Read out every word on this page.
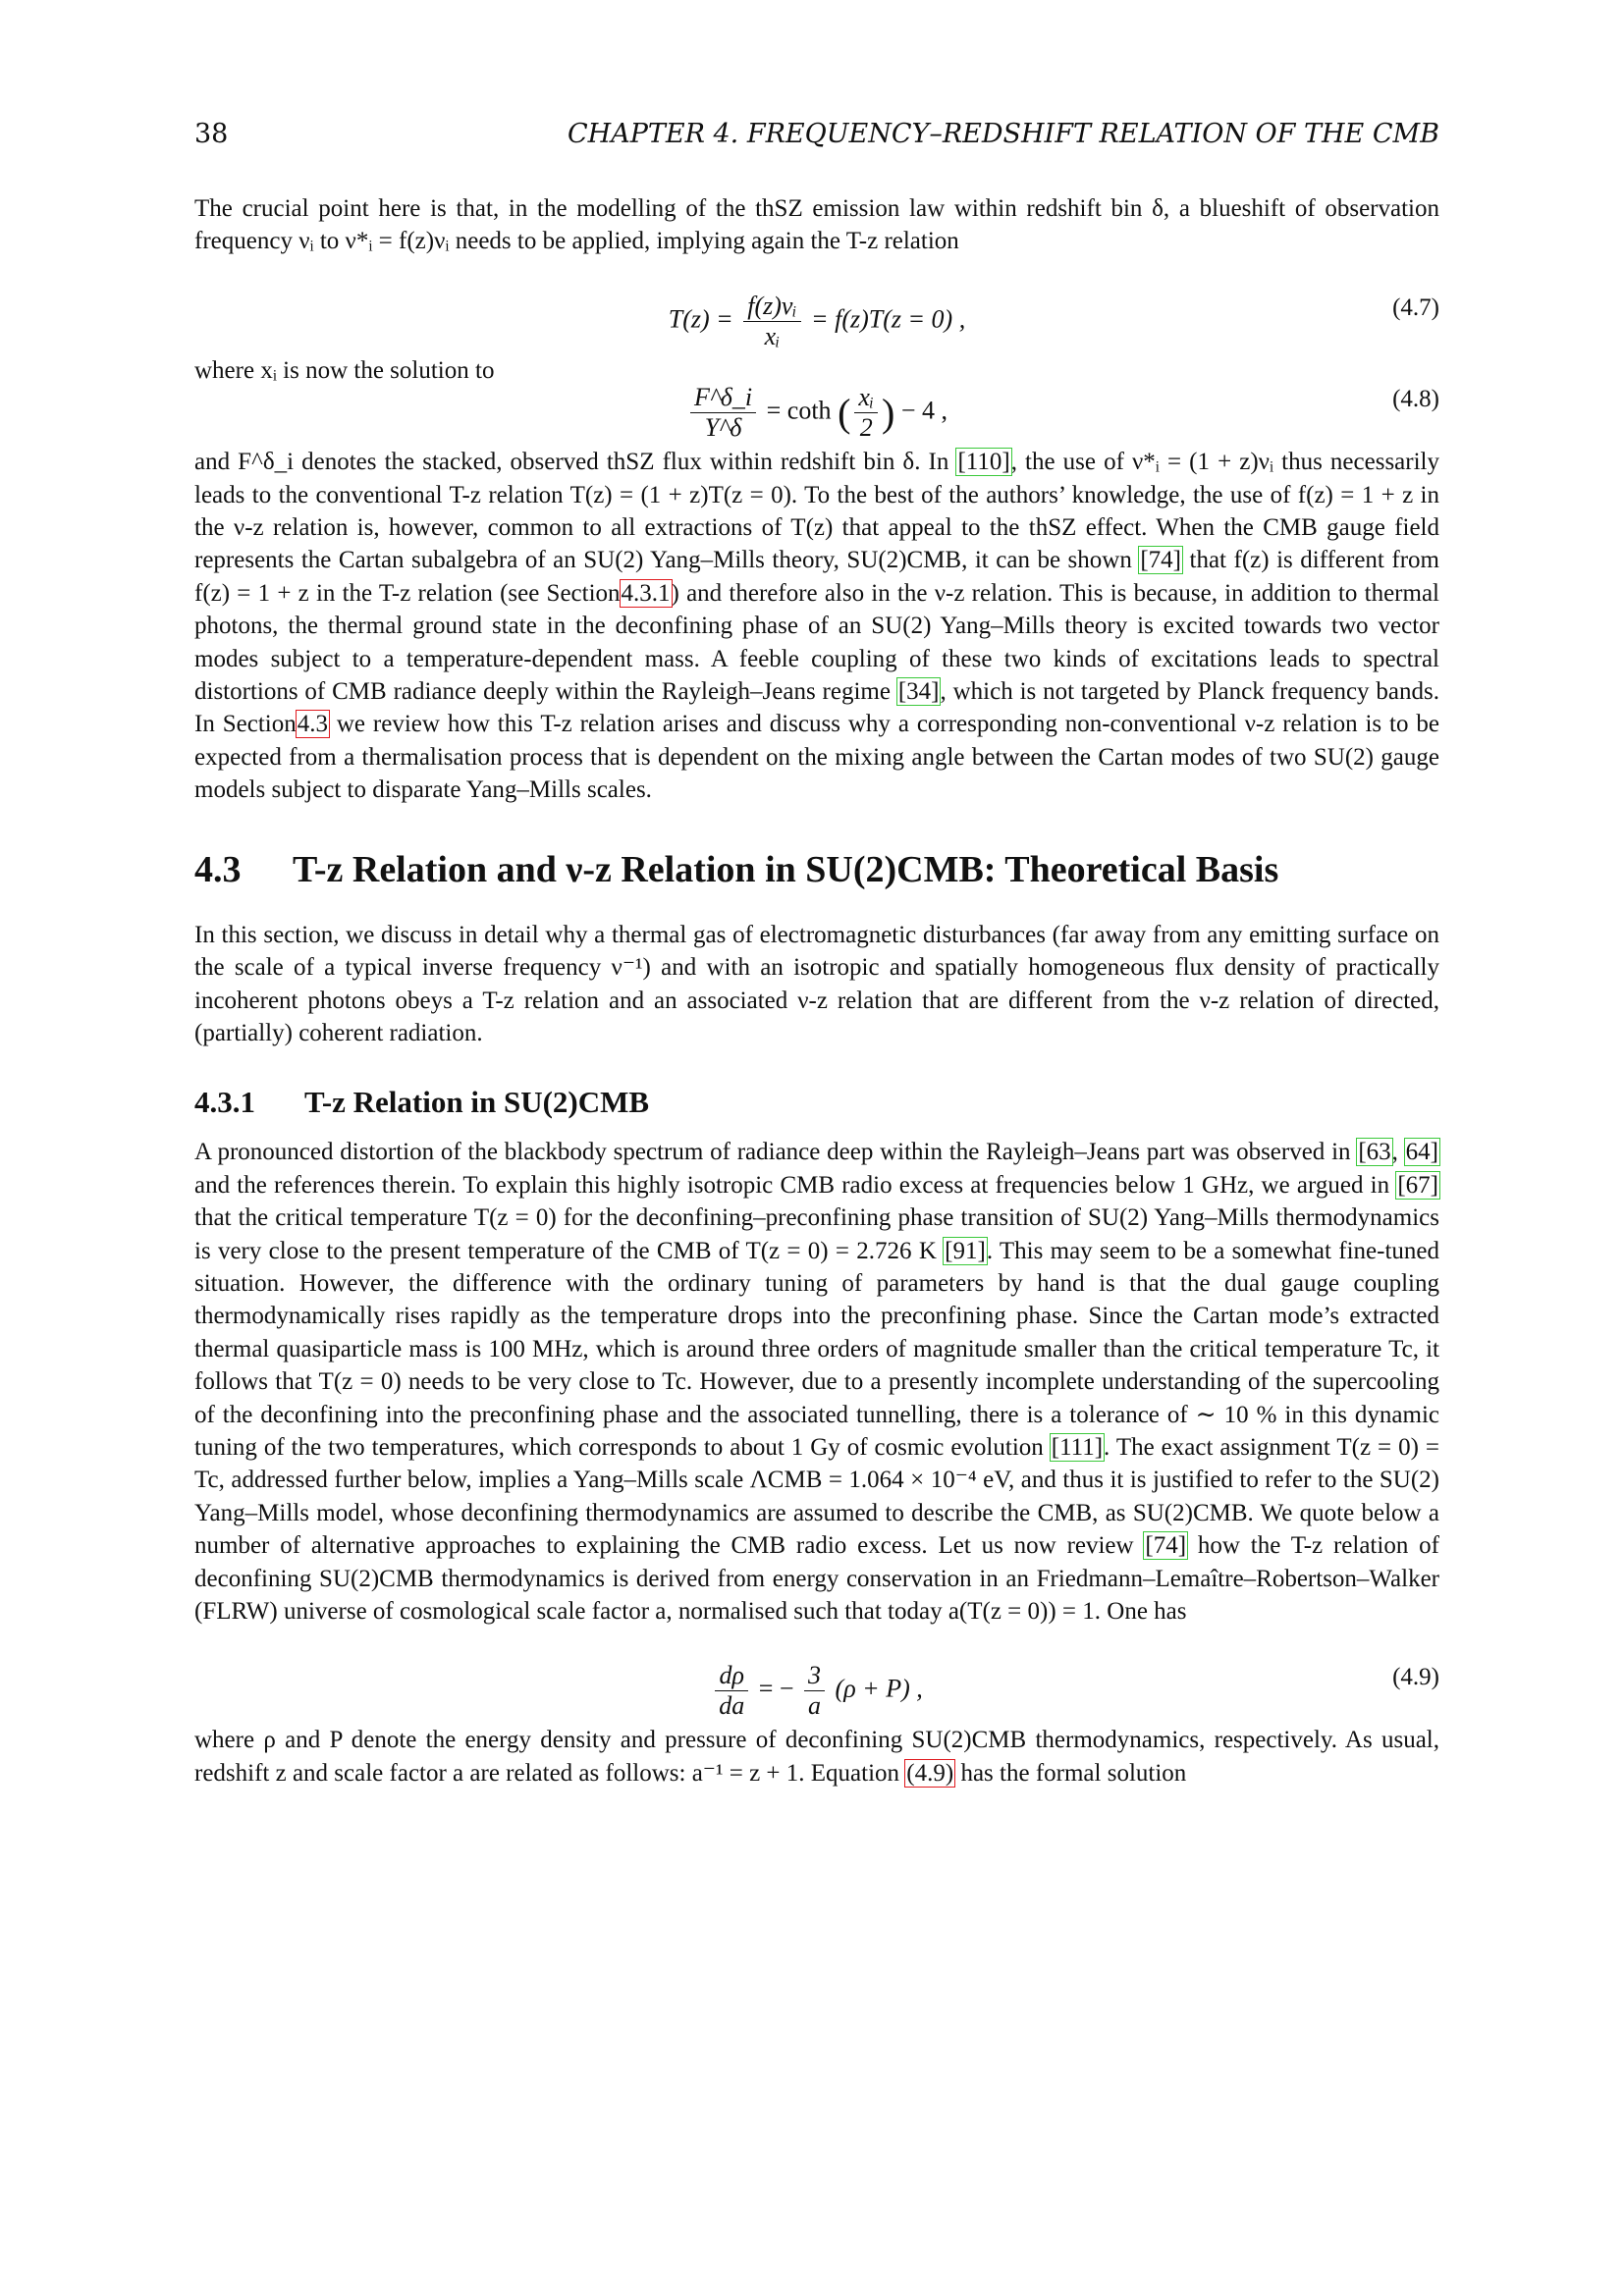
38	CHAPTER 4. FREQUENCY–REDSHIFT RELATION OF THE CMB

The crucial point here is that, in the modelling of the thSZ emission law within redshift bin δ, a blueshift of observation frequency νᵢ to ν*ᵢ = f(z)νᵢ needs to be applied, implying again the T-z relation

$T(z) = \frac{\text{f(z)νᵢ}}{\text{xᵢ}} = f(z)T(z = 0)$ ,	(4.7)

where xᵢ is now the solution to

$\frac{F\^{}\delta\_i}{Y\^{}\delta} = \cot h$ ( $\frac{\text{xᵢ}}{2}$ ) − 4 ,	(4.8)

and F^δ_i denotes the stacked, observed thSZ flux within redshift bin δ. In [110], the use of ν*ᵢ = (1 + z)νᵢ thus necessarily leads to the conventional T-z relation T(z) = (1 + z)T(z = 0). To the best of the authors’ knowledge, the use of f(z) = 1 + z in the ν-z relation is, however, common to all extractions of T(z) that appeal to the thSZ effect. When the CMB gauge field represents the Cartan subalgebra of an SU(2) Yang–Mills theory, SU(2)CMB, it can be shown [74] that f(z) is different from f(z) = 1 + z in the T-z relation (see Section4.3.1) and therefore also in the ν-z relation. This is because, in addition to thermal photons, the thermal ground state in the deconfining phase of an SU(2) Yang–Mills theory is excited towards two vector modes subject to a temperature-dependent mass. A feeble coupling of these two kinds of excitations leads to spectral distortions of CMB radiance deeply within the Rayleigh–Jeans regime [34], which is not targeted by Planck frequency bands. In Section4.3 we review how this T-z relation arises and discuss why a corresponding non-conventional ν-z relation is to be expected from a thermalisation process that is dependent on the mixing angle between the Cartan modes of two SU(2) gauge models subject to disparate Yang–Mills scales.

4.3 T-z Relation and ν-z Relation in SU(2)CMB: Theoretical Basis

In this section, we discuss in detail why a thermal gas of electromagnetic disturbances (far away from any emitting surface on the scale of a typical inverse frequency ν⁻¹) and with an isotropic and spatially homogeneous flux density of practically incoherent photons obeys a T-z relation and an associated ν-z relation that are different from the ν-z relation of directed, (partially) coherent radiation.

4.3.1 T-z Relation in SU(2)CMB

A pronounced distortion of the blackbody spectrum of radiance deep within the Rayleigh–Jeans part was observed in [63, 64] and the references therein. To explain this highly isotropic CMB radio excess at frequencies below 1 GHz, we argued in [67] that the critical temperature T(z = 0) for the deconfining–preconfining phase transition of SU(2) Yang–Mills thermodynamics is very close to the present temperature of the CMB of T(z = 0) = 2.726 K [91]. This may seem to be a somewhat fine-tuned situation. However, the difference with the ordinary tuning of parameters by hand is that the dual gauge coupling thermodynamically rises rapidly as the temperature drops into the preconfining phase. Since the Cartan mode’s extracted thermal quasiparticle mass is 100 MHz, which is around three orders of magnitude smaller than the critical temperature Tc, it follows that T(z = 0) needs to be very close to Tc. However, due to a presently incomplete understanding of the supercooling of the deconfining into the preconfining phase and the associated tunnelling, there is a tolerance of ∼ 10 % in this dynamic tuning of the two temperatures, which corresponds to about 1 Gy of cosmic evolution [111]. The exact assignment T(z = 0) = Tc, addressed further below, implies a Yang–Mills scale ΛCMB = 1.064 × 10⁻⁴ eV, and thus it is justified to refer to the SU(2) Yang–Mills model, whose deconfining thermodynamics are assumed to describe the CMB, as SU(2)CMB. We quote below a number of alternative approaches to explaining the CMB radio excess. Let us now review [74] how the T-z relation of deconfining SU(2)CMB thermodynamics is derived from energy conservation in an Friedmann–Lemaître–Robertson–Walker (FLRW) universe of cosmological scale factor a, normalised such that today a(T(z = 0)) = 1. One has

$\frac{d\rho}{da}$ = − $\frac{3}{a} (\rho + P)$ ,	(4.9)

where ρ and P denote the energy density and pressure of deconfining SU(2)CMB thermodynamics, respectively. As usual, redshift z and scale factor a are related as follows: a⁻¹ = z + 1. Equation (4.9) has the formal solution
